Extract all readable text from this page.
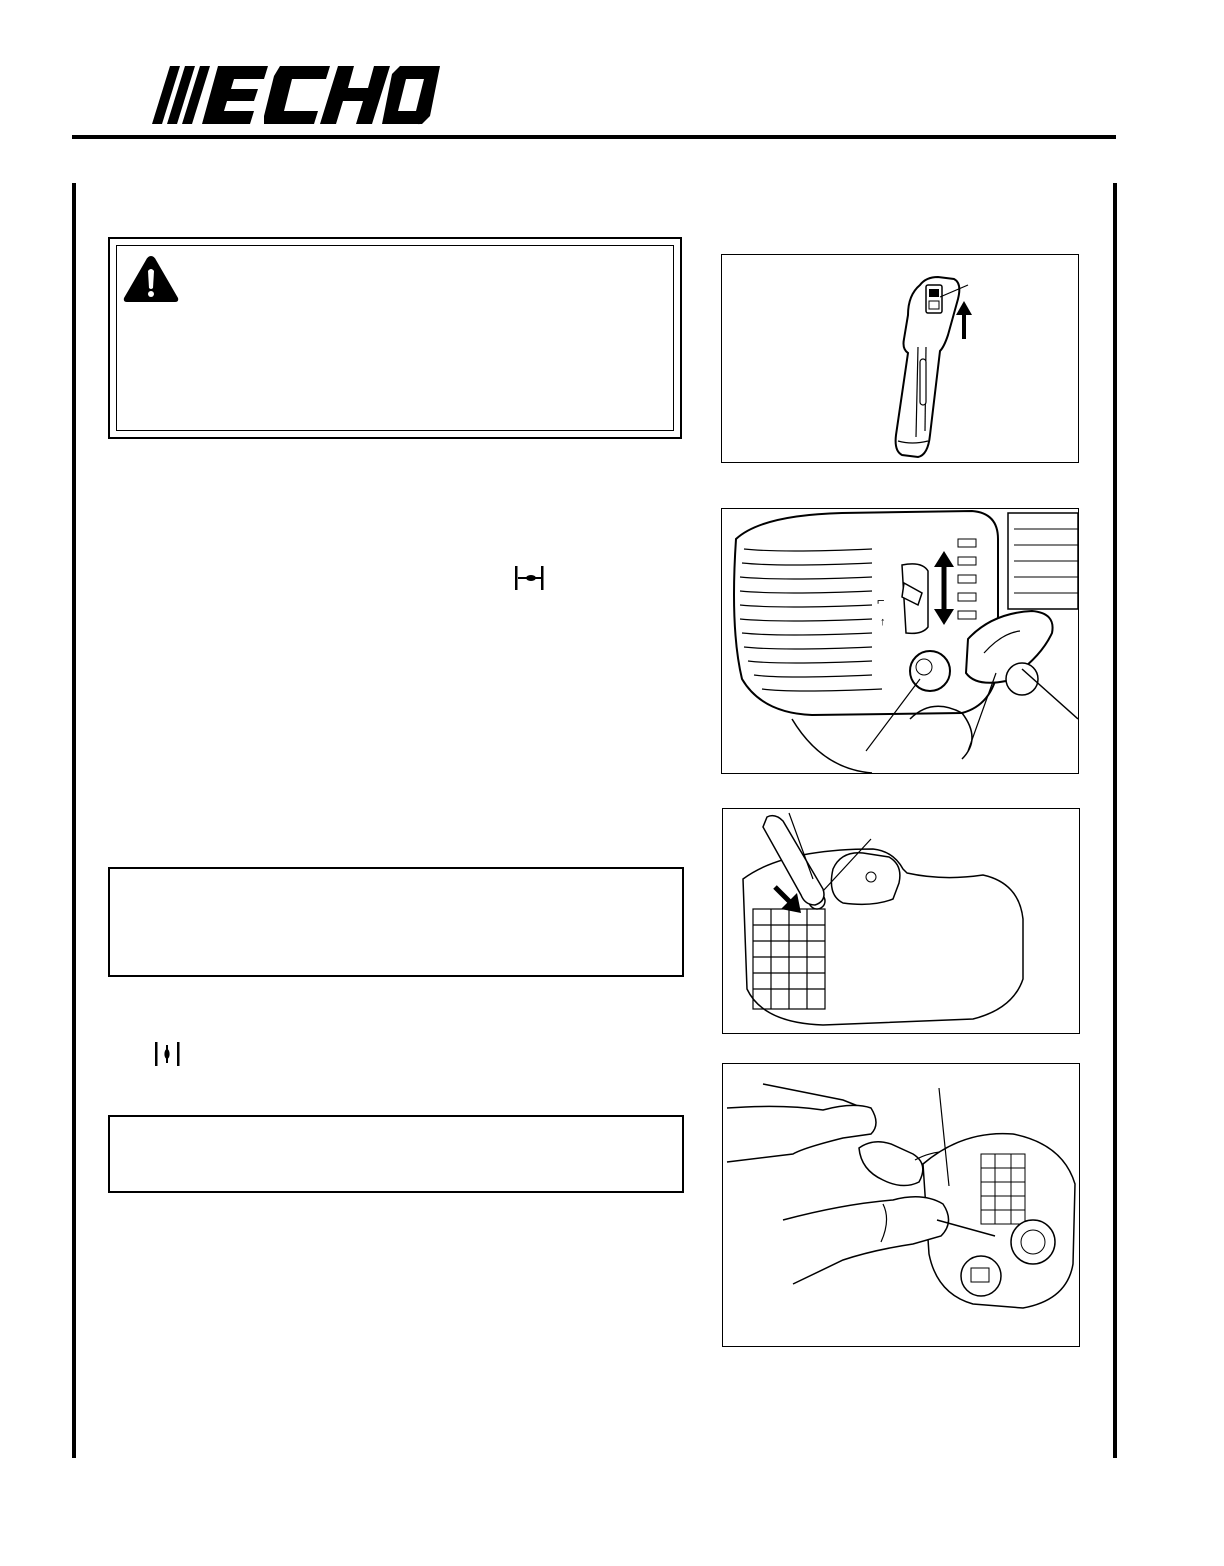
®
⌐
↑
